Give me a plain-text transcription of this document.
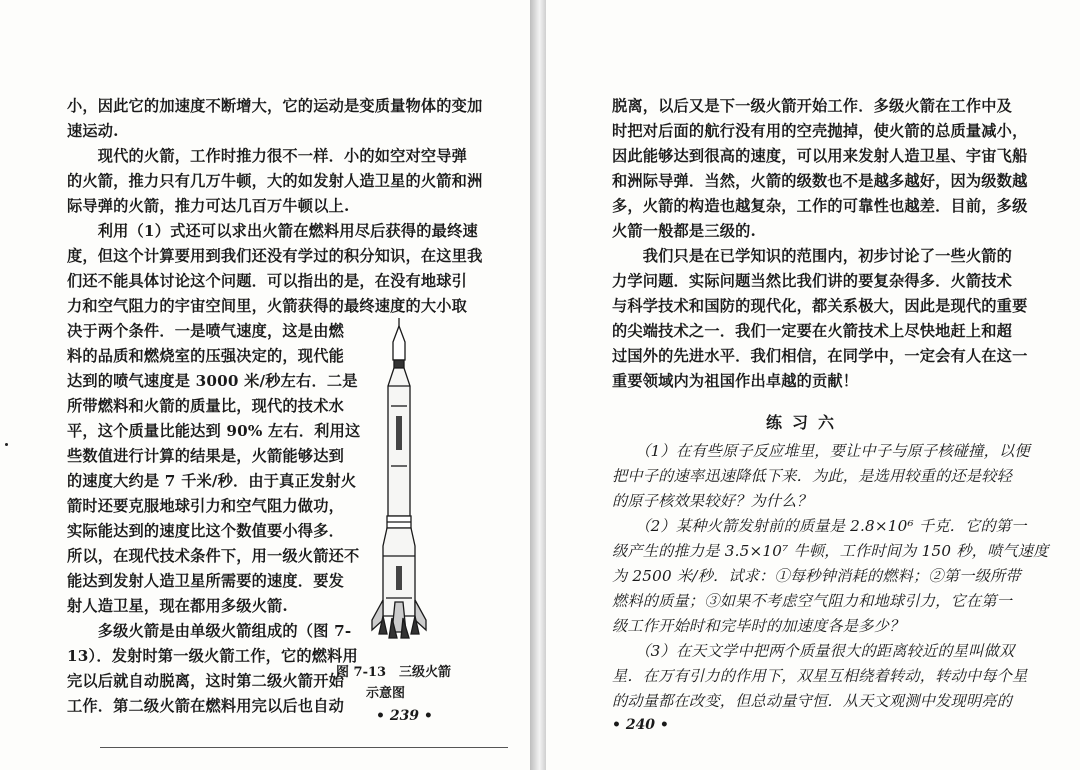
小，因此它的加速度不断增大，它的运动是变质量物体的变加
速运动.
　　现代的火箭，工作时推力很不一样．小的如空对空导弹
的火箭，推力只有几万牛顿，大的如发射人造卫星的火箭和洲
际导弹的火箭，推力可达几百万牛顿以上.
　　利用（1）式还可以求出火箭在燃料用尽后获得的最终速
度，但这个计算要用到我们还没有学过的积分知识，在这里我
们还不能具体讨论这个问题．可以指出的是，在没有地球引
力和空气阻力的宇宙空间里，火箭获得的最终速度的大小取
决于两个条件．一是喷气速度，这是由燃
料的品质和燃烧室的压强决定的，现代能
达到的喷气速度是 3000 米/秒左右．二是
所带燃料和火箭的质量比，现代的技术水
平，这个质量比能达到 90% 左右．利用这
些数值进行计算的结果是，火箭能够达到
的速度大约是 7 千米/秒．由于真正发射火
箭时还要克服地球引力和空气阻力做功，
实际能达到的速度比这个数值要小得多．
所以，在现代技术条件下，用一级火箭还不
能达到发射人造卫星所需要的速度．要发
射人造卫星，现在都用多级火箭.
　　多级火箭是由单级火箭组成的（图 7-
13）．发射时第一级火箭工作，它的燃料用
完以后就自动脱离，这时第二级火箭开始
工作．第二级火箭在燃料用完以后也自动
图 7-13　三级火箭
示意图
• 239 •
脱离，以后又是下一级火箭开始工作．多级火箭在工作中及
时把对后面的航行没有用的空壳抛掉，使火箭的总质量减小，
因此能够达到很高的速度，可以用来发射人造卫星、宇宙飞船
和洲际导弹．当然，火箭的级数也不是越多越好，因为级数越
多，火箭的构造也越复杂，工作的可靠性也越差．目前，多级
火箭一般都是三级的.
　　我们只是在已学知识的范围内，初步讨论了一些火箭的
力学问题．实际问题当然比我们讲的要复杂得多．火箭技术
与科学技术和国防的现代化，都关系极大，因此是现代的重要
的尖端技术之一．我们一定要在火箭技术上尽快地赶上和超
过国外的先进水平．我们相信，在同学中，一定会有人在这一
重要领域内为祖国作出卓越的贡献！
练习六
　　（1）在有些原子反应堆里，要让中子与原子核碰撞，以便
把中子的速率迅速降低下来．为此，是选用较重的还是较轻
的原子核效果较好？为什么？
　　（2）某种火箭发射前的质量是 2.8×10⁶ 千克．它的第一
级产生的推力是 3.5×10⁷ 牛顿，工作时间为 150 秒，喷气速度
为 2500 米/秒．试求：①每秒钟消耗的燃料；②第一级所带
燃料的质量；③如果不考虑空气阻力和地球引力，它在第一
级工作开始时和完毕时的加速度各是多少？
　　（3）在天文学中把两个质量很大的距离较近的星叫做双
星．在万有引力的作用下，双星互相绕着转动，转动中每个星
的动量都在改变，但总动量守恒．从天文观测中发现明亮的
• 240 •
